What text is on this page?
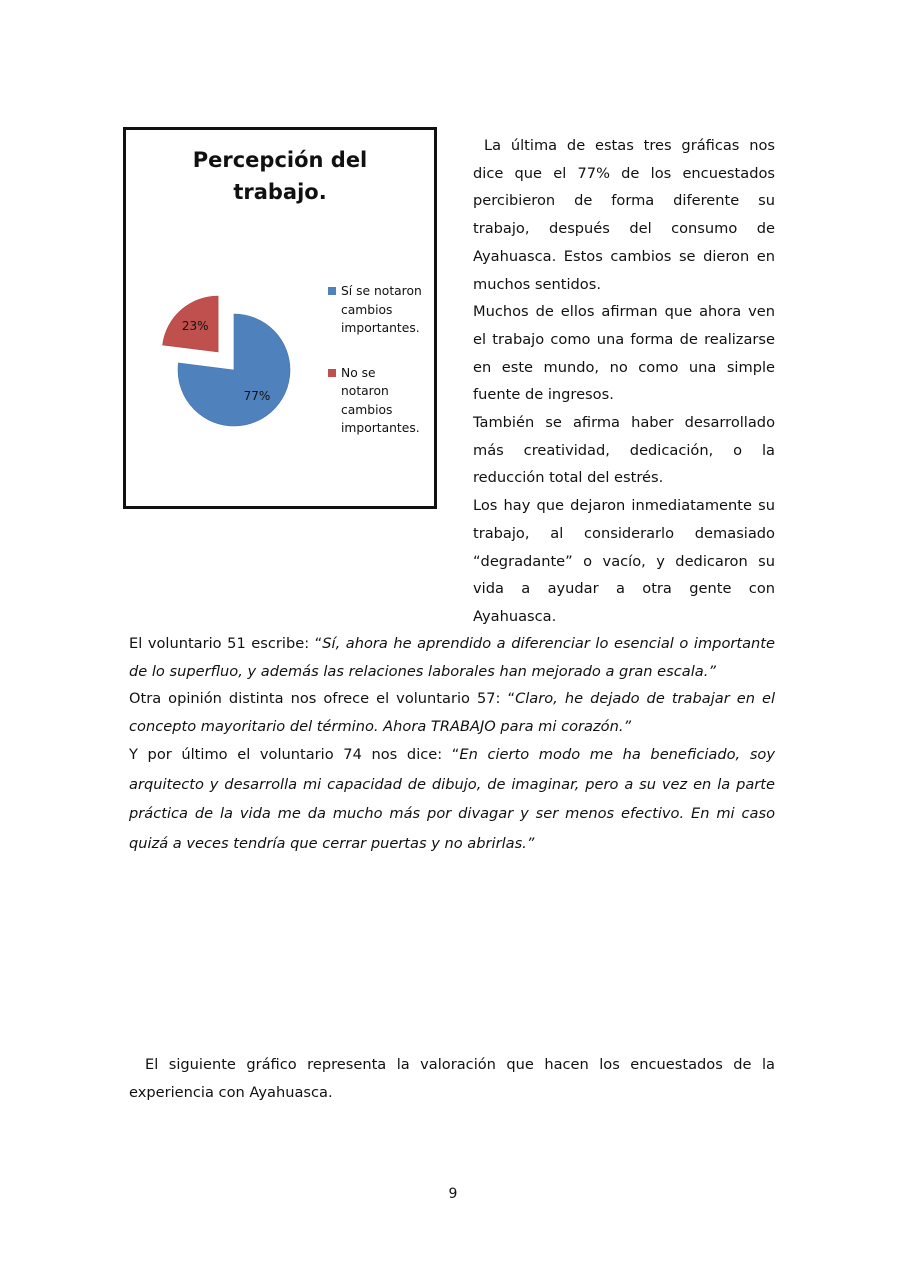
Percepción del
trabajo.
77%
23%
Sí se notaron
cambios
importantes.
No se
notaron
cambios
importantes.

La última de estas tres gráficas nos dice que el 77% de los encuestados percibieron de forma diferente su trabajo, después del consumo de Ayahuasca. Estos cambios se dieron en muchos sentidos.

Muchos de ellos afirman que ahora ven el trabajo como una forma de realizarse en este mundo, no como una simple fuente de ingresos.

También se afirma haber desarrollado más creatividad, dedicación, o la reducción total del estrés.

Los hay que dejaron inmediatamente su trabajo, al considerarlo demasiado “degradante” o vacío, y dedicaron su vida a ayudar a otra gente con Ayahuasca.

El voluntario 51 escribe: “Sí, ahora he aprendido a diferenciar lo esencial o importante de lo superfluo, y además las relaciones laborales han mejorado a gran escala.”

Otra opinión distinta nos ofrece el voluntario 57: “Claro, he dejado de trabajar en el concepto mayoritario del término. Ahora TRABAJO para mi corazón.”

Y por último el voluntario 74 nos dice: “En cierto modo me ha beneficiado, soy arquitecto y desarrolla mi capacidad de dibujo, de imaginar, pero a su vez en la parte práctica de la vida me da mucho más por divagar y ser menos efectivo. En mi caso quizá a veces tendría que cerrar puertas y no abrirlas.”

El siguiente gráfico representa la valoración que hacen los encuestados de la experiencia con Ayahuasca.
9
